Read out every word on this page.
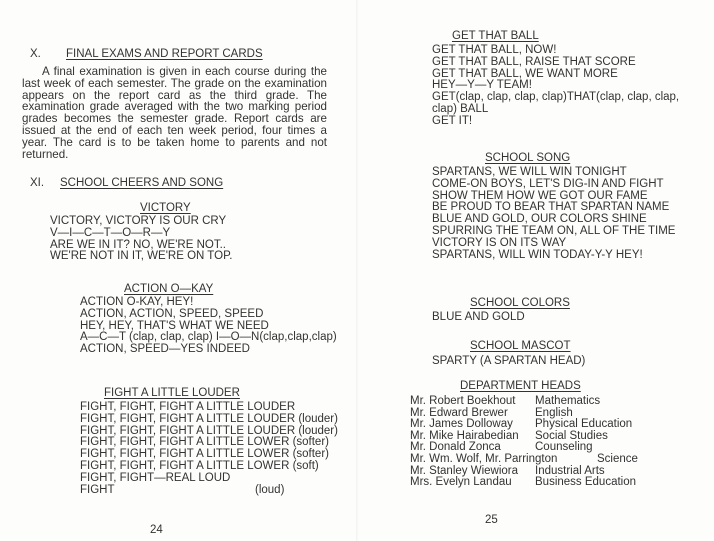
X. FINAL EXAMS AND REPORT CARDS
A final examination is given in each course during the last week of each semester. The grade on the examination appears on the report card as the third grade. The examination grade averaged with the two marking period grades becomes the semester grade. Report cards are issued at the end of each ten week period, four times a year. The card is to be taken home to parents and not returned.
XI. SCHOOL CHEERS AND SONG
VICTORY
VICTORY, VICTORY IS OUR CRY
V—I—C—T—O—R—Y
ARE WE IN IT? NO, WE'RE NOT..
WE'RE NOT IN IT, WE'RE ON TOP.
ACTION O—KAY
ACTION O-KAY, HEY!
ACTION, ACTION, SPEED, SPEED
HEY, HEY, THAT'S WHAT WE NEED
A—C—T (clap, clap, clap) I—O—N(clap,clap,clap)
ACTION, SPEED—YES INDEED
FIGHT A LITTLE LOUDER
FIGHT, FIGHT, FIGHT A LITTLE LOUDER
FIGHT, FIGHT, FIGHT A LITTLE LOUDER (louder)
FIGHT, FIGHT, FIGHT A LITTLE LOUDER (louder)
FIGHT, FIGHT, FIGHT A LITTLE LOWER (softer)
FIGHT, FIGHT, FIGHT A LITTLE LOWER (softer)
FIGHT, FIGHT, FIGHT A LITTLE LOWER (soft)
FIGHT, FIGHT—REAL LOUD
FIGHT	(loud)
24
GET THAT BALL
GET THAT BALL, NOW!
GET THAT BALL, RAISE THAT SCORE
GET THAT BALL, WE WANT MORE
HEY—Y—Y TEAM!
GET(clap, clap, clap, clap)THAT(clap, clap, clap,
clap) BALL
GET IT!
SCHOOL SONG
SPARTANS, WE WILL WIN TONIGHT
COME-ON BOYS, LET'S DIG-IN AND FIGHT
SHOW THEM HOW WE GOT OUR FAME
BE PROUD TO BEAR THAT SPARTAN NAME
BLUE AND GOLD, OUR COLORS SHINE
SPURRING THE TEAM ON, ALL OF THE TIME
VICTORY IS ON ITS WAY
SPARTANS, WILL WIN TODAY-Y-Y HEY!
SCHOOL COLORS
BLUE AND GOLD
SCHOOL MASCOT
SPARTY (A SPARTAN HEAD)
DEPARTMENT HEADS
Mr. Robert Boekhout	Mathematics
Mr. Edward Brewer	English
Mr. James Dolloway	Physical Education
Mr. Mike Hairabedian	Social Studies
Mr. Donald Zonca	Counseling
Mr. Wm. Wolf, Mr. Parrington	Science
Mr. Stanley Wiewiora	Industrial Arts
Mrs. Evelyn Landau	Business Education
25
